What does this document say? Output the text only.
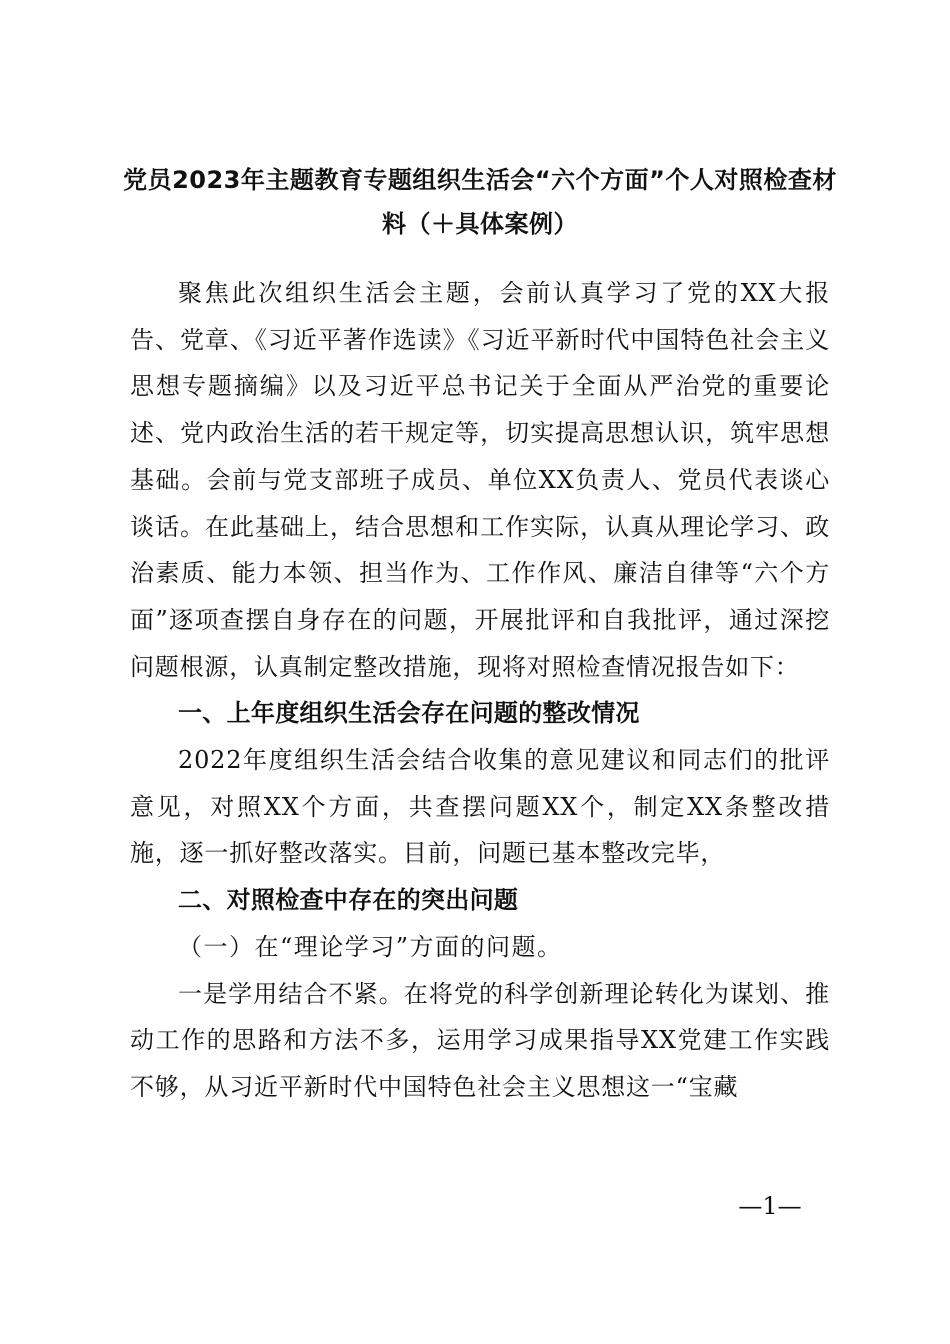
党员2023年主题教育专题组织生活会“六个方面”个人对照检查材料（＋具体案例）

聚焦此次组织生活会主题，会前认真学习了党的XX大报告、党章、《习近平著作选读》《习近平新时代中国特色社会主义思想专题摘编》以及习近平总书记关于全面从严治党的重要论述、党内政治生活的若干规定等，切实提高思想认识，筑牢思想基础。会前与党支部班子成员、单位XX负责人、党员代表谈心谈话。在此基础上，结合思想和工作实际，认真从理论学习、政治素质、能力本领、担当作为、工作作风、廉洁自律等“六个方面”逐项查摆自身存在的问题，开展批评和自我批评，通过深挖问题根源，认真制定整改措施，现将对照检查情况报告如下：

一、上年度组织生活会存在问题的整改情况

2022年度组织生活会结合收集的意见建议和同志们的批评意见，对照XX个方面，共查摆问题XX个，制定XX条整改措施，逐一抓好整改落实。目前，问题已基本整改完毕，

二、对照检查中存在的突出问题

（一）在“理论学习”方面的问题。

一是学用结合不紧。在将党的科学创新理论转化为谋划、推动工作的思路和方法不多，运用学习成果指导XX党建工作实践不够，从习近平新时代中国特色社会主义思想这一“宝藏

—1—
